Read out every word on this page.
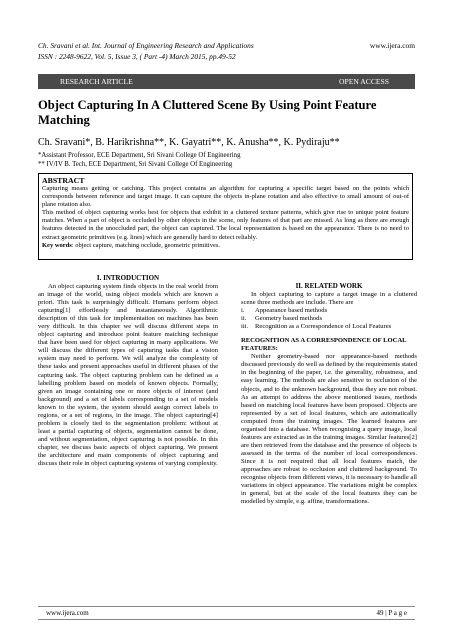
Ch. Sravani et al. Int. Journal of Engineering Research and Applications
ISSN : 2248-9622, Vol. 5, Issue 3, ( Part -4) March 2015, pp.49-52
www.ijera.com
RESEARCH ARTICLE	OPEN ACCESS
Object Capturing In A Cluttered Scene By Using Point Feature Matching

Ch. Sravani*, B. Harikrishna**, K. Gayatri**, K. Anusha**, K. Pydiraju**

*Assistant Professor, ECE Department, Sri Sivani College Of Engineering
** IV/IV B. Tech, ECE Department, Sri Sivani College Of Engineering
ABSTRACT

Capturing means getting or catching. This project contains an algorithm for capturing a specific target based on the points which corresponds between reference and target image. It can capture the objects in-plane rotation and also effective to small amount of out-of plane rotation also.

This method of object capturing works best for objects that exhibit in a cluttered texture patterns, which give rise to unique point feature matches. When a part of object is occluded by other objects in the scene, only features of that part are missed. As long as there are enough features detected in the unoccluded part, the object can captured. The local representation is based on the appearance. There is no need to extract geometric primitives (e.g. lines) which are generally hard to detect reliably.

Key words: object capture, matching occlude, geometric primitives.

I. INTRODUCTION

An object capturing system finds objects in the real world from an image of the world, using object models which are known a priori. This task is surprisingly difficult. Humans perform object capturing[1] effortlessly and instantaneously. Algorithmic description of this task for implementation on machines has been very difficult. In this chapter we will discuss different steps in object capturing and introduce point feature matching technique that have been used for object capturing in many applications. We will discuss the different types of capturing tasks that a vision system may need to perform. We will analyze the complexity of these tasks and present approaches useful in different phases of the capturing task. The object capturing problem can be defined as a labelling problem based on models of known objects. Formally, given an image containing one or more objects of interest (and background) and a set of labels corresponding to a set of models known to the system, the system should assign correct labels to regions, or a set of regions, in the image. The object capturing[4] problem is closely tied to the segmentation problem: without at least a partial capturing of objects, segmentation cannot be done, and without segmentation, object capturing is not possible. In this chapter, we discuss basic aspects of object capturing. We present the architecture and main components of object capturing and discuss their role in object capturing systems of varying complexity.

II. RELATED WORK

In object capturing to capture a target image in a cluttered scene three methods are include. There are

i.	Appearance based methods
ii.	Geometry based methods
iii.	Recognition as a Correspondence of Local Features
RECOGNITION AS A CORRESPONDENCE OF LOCAL FEATURES:

Neither geometry-based nor appearance-based methods discussed previously do well as defined by the requirements stated in the beginning of the paper, i.e. the generality, robustness, and easy learning. The methods are also sensitive to occlusion of the objects, and to the unknown background, thus they are not robust. As an attempt to address the above mentioned issues, methods based on matching local features have been proposed. Objects are represented by a set of local features, which are automatically computed from the training images. The learned features are organised into a database. When recognising a query image, local features are extracted as in the training images. Similar features[2] are then retrieved from the database and the presence of objects is assessed in the terms of the number of local correspondences. Since it is not required that all local features match, the approaches are robust to occlusion and cluttered background. To recognise objects from different views, it is necessary to handle all variations in object appearance. The variations might be complex in general, but at the scale of the local features they can be modelled by simple, e.g. affine, transformations.

www.ijera.com	49 | P a g e
